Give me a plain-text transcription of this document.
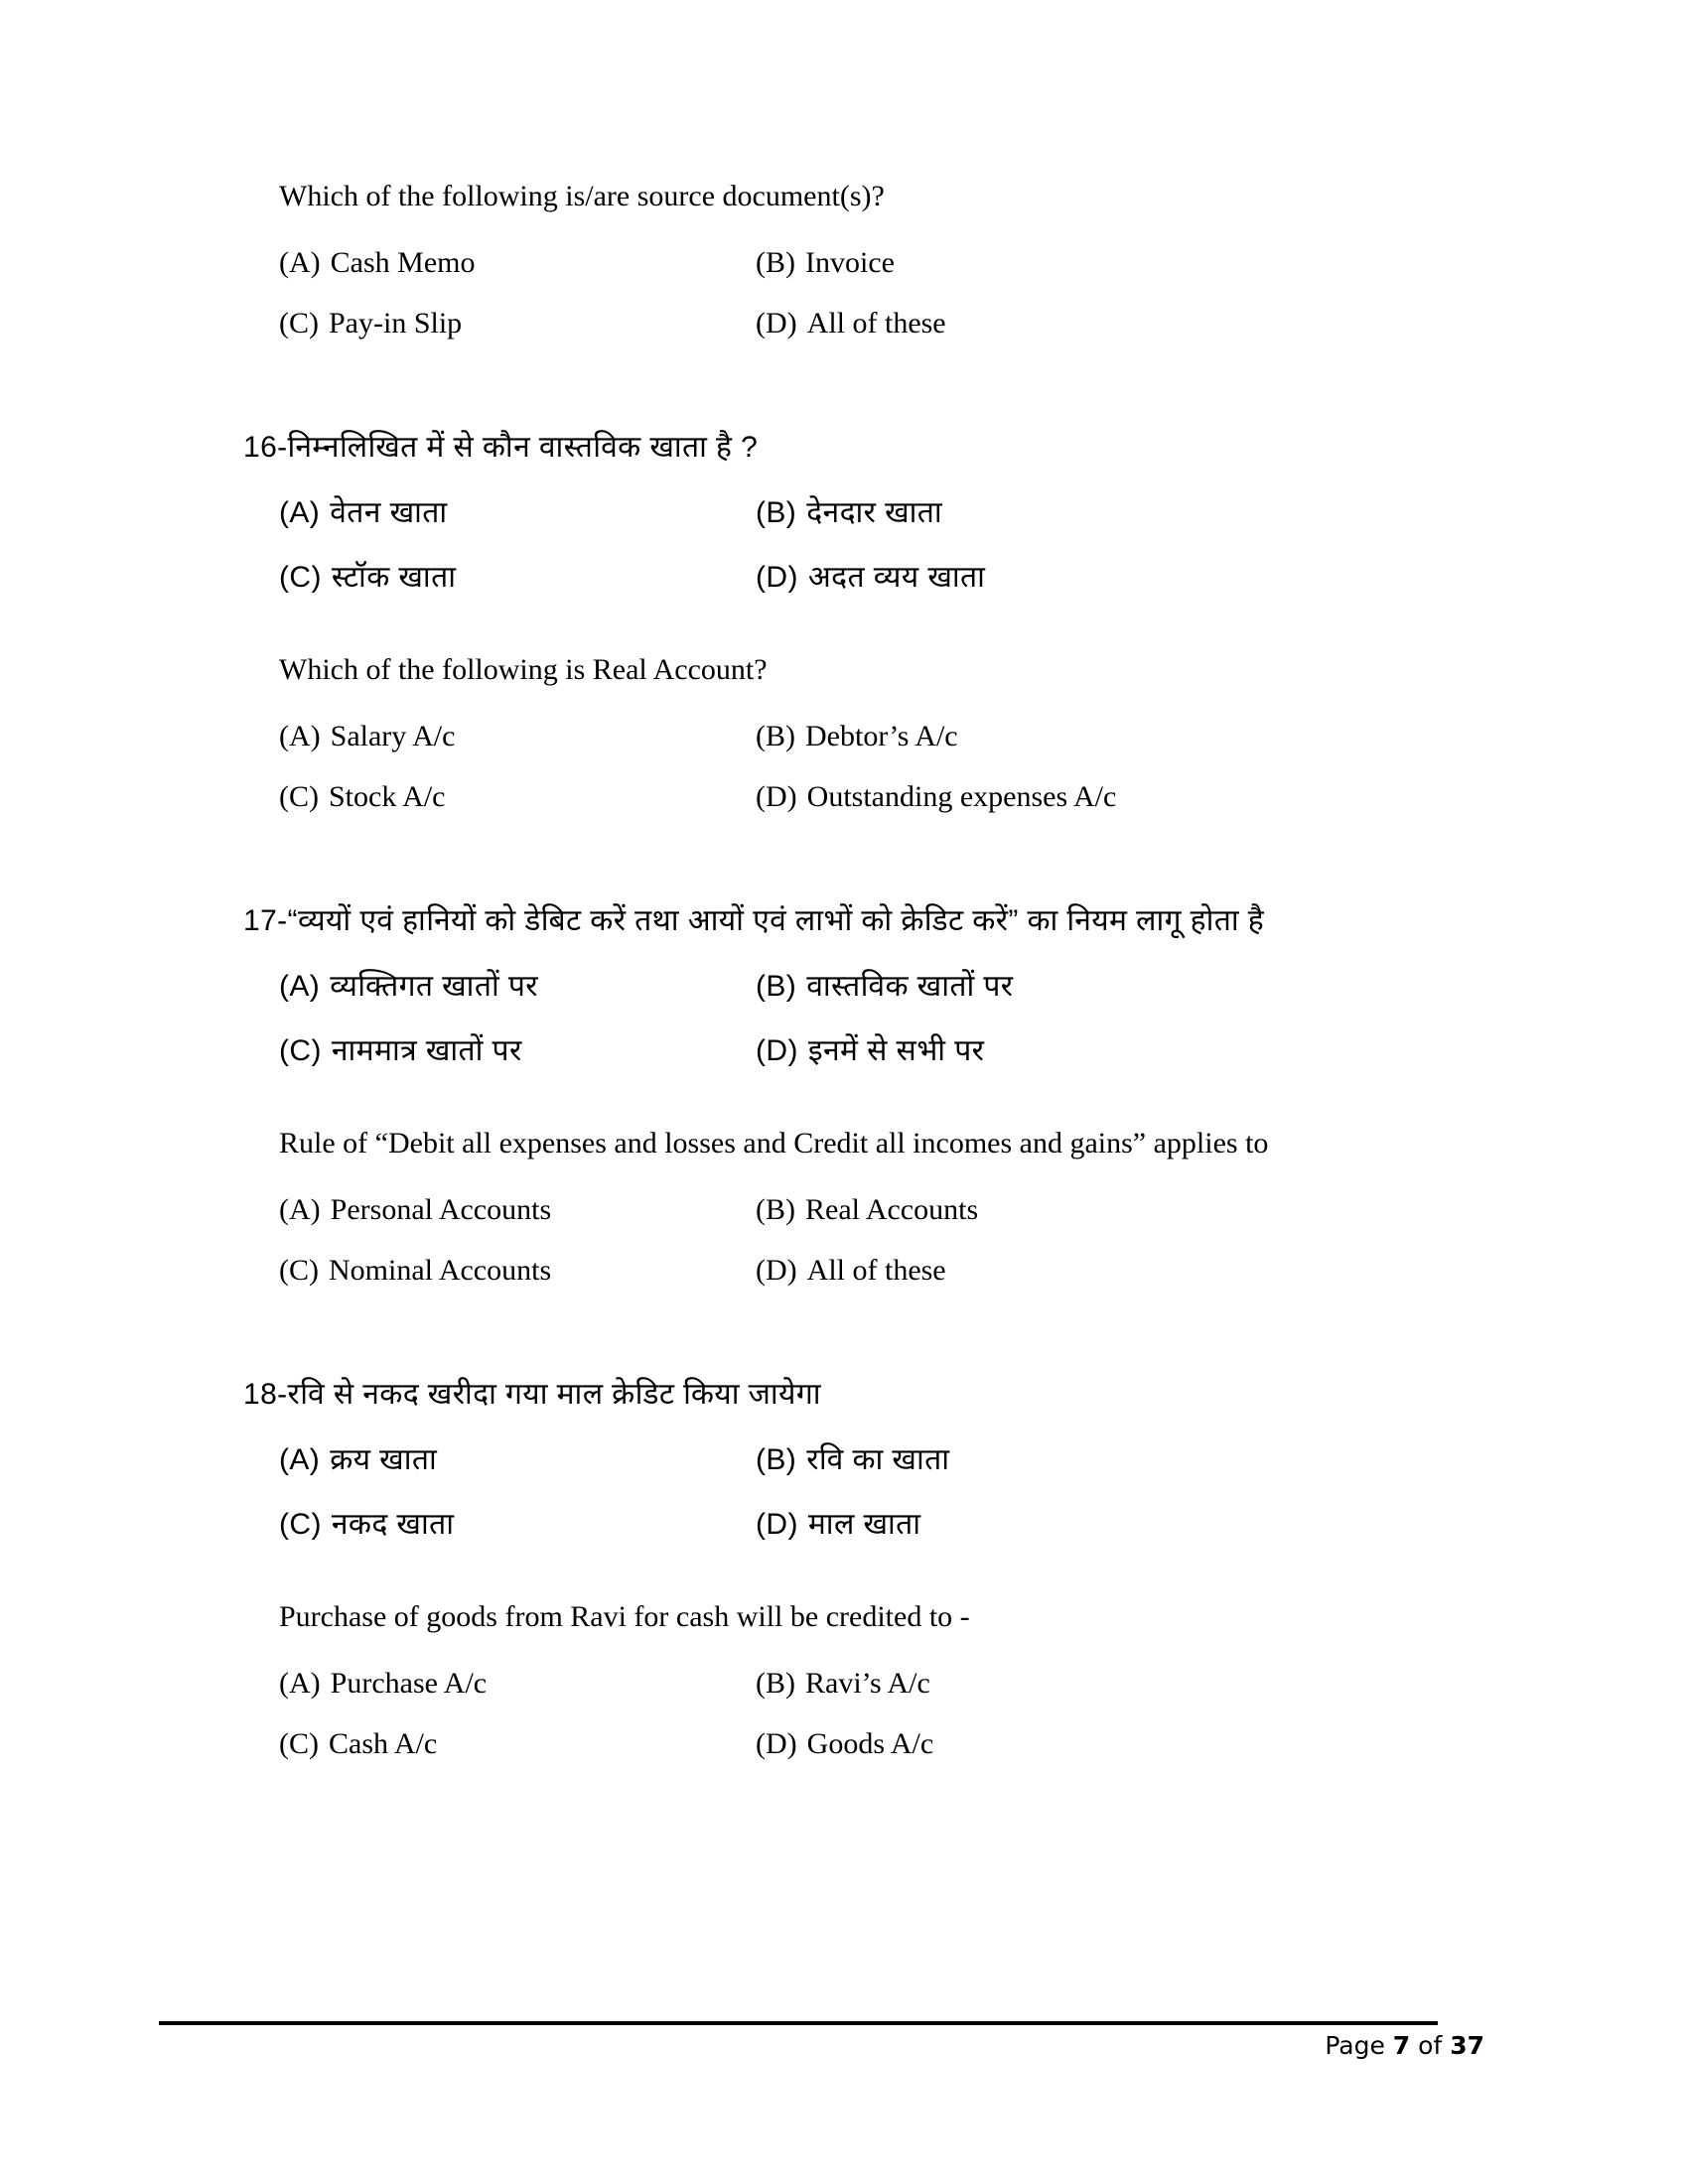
Which of the following is/are source document(s)?
(A) Cash Memo	(B) Invoice
(C) Pay-in Slip	(D) All of these
16-निम्नलिखित में से कौन वास्तविक खाता है ?
(A) वेतन खाता	(B) देनदार खाता
(C) स्टॉक खाता	(D) अदत व्यय खाता
Which of the following is Real Account?
(A) Salary A/c	(B) Debtor’s A/c
(C) Stock A/c	(D) Outstanding expenses A/c
17-“व्ययों एवं हानियों को डेबिट करें तथा आयों एवं लाभों को क्रेडिट करें” का नियम लागू होता है
(A) व्यक्तिगत खातों पर	(B) वास्तविक खातों पर
(C) नाममात्र खातों पर	(D) इनमें से सभी पर
Rule of “Debit all expenses and losses and Credit all incomes and gains” applies to
(A) Personal Accounts	(B) Real Accounts
(C) Nominal Accounts	(D) All of these
18-रवि से नकद खरीदा गया माल क्रेडिट किया जायेगा
(A) क्रय खाता	(B) रवि का खाता
(C) नकद खाता	(D) माल खाता
Purchase of goods from Ravi for cash will be credited to -
(A) Purchase A/c	(B) Ravi’s A/c
(C) Cash A/c	(D) Goods A/c
Page 7 of 37
